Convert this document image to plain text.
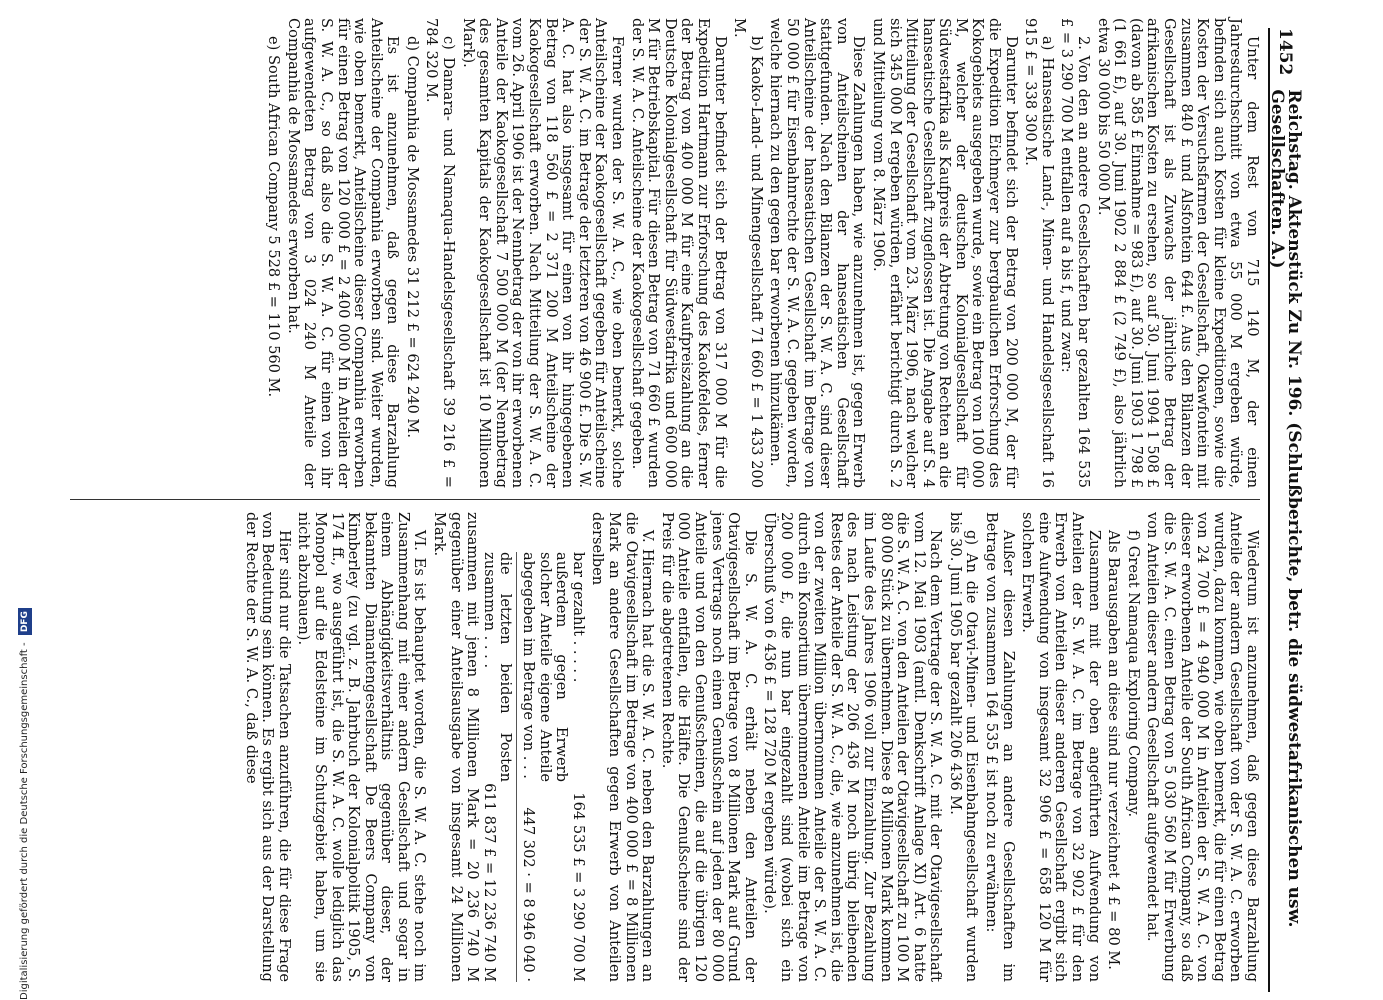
1452
Reichstag. Aktenstück Zu Nr. 196. (Schlußberichte, betr. die südwestafrikanischen usw. Gesellschaften. A.)

Unter dem Rest von 715 140 M, der einen Jahresdurchschnitt von etwa 55 000 M ergeben würde, befinden sich auch Kosten für kleine Expeditionen, sowie die Kosten der Versuchsfarmen der Gesellschaft, Okawfontein mit zusammen 840 £ und Alsfontein 644 £. Aus den Bilanzen der Gesellschaft ist als Zuwachs der jährliche Betrag der afrikanischen Kosten zu ersehen, so auf 30. Juni 1904 1 508 £ (davon ab 585 £ Einnahme = 983 £), auf 30. Juni 1903 1 798 £ (1 661 £), auf 30. Juni 1902 2 884 £ (2 749 £), also jährlich etwa 30 000 bis 50 000 M.

2. Von den an andere Gesellschaften bar gezahlten 164 535 £ = 3 290 700 M entfallen auf a bis f, und zwar:

a) Hanseatische Land-, Minen- und Handelsgesellschaft 16 915 £ = 338 300 M.

Darunter befindet sich der Betrag von 200 000 M, der für die Expedition Eichmeyer zur bergbaulichen Erforschung des Kokogebiets ausgegeben wurde, sowie ein Betrag von 100 000 M, welcher der deutschen Kolonialgesellschaft für Südwestafrika als Kaufpreis der Abtretung von Rechten an die hanseatische Gesellschaft zugeflossen ist. Die Angabe auf S. 4 Mitteilung der Gesellschaft vom 23. März 1906, nach welcher sich 345 000 M ergeben würden, erfährt berichtigt durch S. 2 und Mitteilung vom 8. März 1906.

Diese Zahlungen haben, wie anzunehmen ist, gegen Erwerb von Anteilscheinen der hanseatischen Gesellschaft stattgefunden. Nach den Bilanzen der S. W. A. C. sind dieser Anteilscheine der hanseatischen Gesellschaft im Betrage von 50 000 £ für Eisenbahnrechte der S. W. A. C. gegeben worden, welche hiernach zu den gegen bar erworbenen hinzukämen.

b) Kaoko-Land- und Minengesellschaft 71 660 £ = 1 433 200 M.

Darunter befindet sich der Betrag von 317 000 M für die Expedition Hartmann zur Erforschung des Kaokofeldes, ferner der Betrag von 400 000 M für eine Kaufpreiszahlung an die Deutsche Kolonialgesellschaft für Südwestafrika und 600 000 M für Betriebskapital. Für diesen Betrag von 71 660 £ wurden der S. W. A. C. Anteilscheine der Kaokogesellschaft gegeben.

Ferner wurden der S. W. A. C., wie oben bemerkt, solche Anteilscheine der Kaokogesellschaft gegeben für Anteilscheine der S. W. A. C. im Betrage der letzteren von 46 900 £. Die S. W. A. C. hat also insgesamt für einen von ihr hingegebenen Betrag von 118 560 £ = 2 371 200 M Anteilscheine der Kaokogesellschaft erworben. Nach Mitteilung der S. W. A. C. vom 26. April 1906 ist der Nennbetrag der von ihr erworbenen Anteile der Kaokogesellschaft 7 500 000 M (der Nennbetrag des gesamten Kapitals der Kaokogesellschaft ist 10 Millionen Mark).

c) Damara- und Namaqua-Handelsgesellschaft 39 216 £ = 784 320 M.

d) Companhia de Mossamedes 31 212 £ = 624 240 M.

Es ist anzunehmen, daß gegen diese Barzahlung Anteilscheine der Companhia erworben sind. Weiter wurden, wie oben bemerkt, Anteilscheine dieser Companhia erworben für einen Betrag von 120 000 £ = 2 400 000 M in Anteilen der S. W. A. C., so daß also die S. W. A. C. für einen von ihr aufgewendeten Betrag von 3 024 240 M Anteile der Companhia de Mossamedes erworben hat.

e) South African Company 5 528 £ = 110 560 M.

Wiederum ist anzunehmen, daß gegen diese Barzahlung Anteile der andern Gesellschaft von der S. W. A. C. erworben wurden, dazu kommen, wie oben bemerkt, die für einen Betrag von 24 700 £ = 4 940 000 M in Anteilen der S. W. A. C. von dieser erworbenen Anteile der South African Company, so daß die S. W. A. C. einen Betrag von 5 030 560 M für Erwerbung von Anteilen dieser andern Gesellschaft aufgewendet hat.

f) Great Namaqua Exploring Company.

Als Barausgaben an diese sind nur verzeichnet 4 £ = 80 M.

Zusammen mit der oben angeführten Aufwendung von Anteilen der S. W. A. C. im Betrage von 32 902 £ für den Erwerb von Anteilen dieser anderen Gesellschaft ergibt sich eine Aufwendung von insgesamt 32 906 £ = 658 120 M für solchen Erwerb.

Außer diesen Zahlungen an andere Gesellschaften im Betrage von zusammen 164 535 £ ist noch zu erwähnen:

g) An die Otavi-Minen- und Eisenbahngesellschaft wurden bis 30. Juni 1905 bar gezahlt 206 436 M.

Nach dem Vertrage der S. W. A. C. mit der Otavigesellschaft vom 12. Mai 1903 (amtl. Denkschrift Anlage XI) Art. 6 hatte die S. W. A. C. von den Anteilen der Otavigesellschaft zu 100 M 80 000 Stück zu übernehmen. Diese 8 Millionen Mark kommen im Laufe des Jahres 1906 voll zur Einzahlung. Zur Bezahlung des nach Leistung der 206 436 M noch übrig bleibenden Restes der Anteile der S. W. A. C., die, wie anzunehmen ist, die von der zweiten Million übernommen Anteile der S. W. A. C. durch ein Konsortium übernommenen Anteile im Betrage von 200 000 £, die nun bar eingezahlt sind (wobei sich ein Überschuß von 6 436 £ = 128 720 M ergeben würde).

Die S. W. A. C. erhält neben den Anteilen der Otavigesellschaft im Betrage von 8 Millionen Mark auf Grund jenes Vertrags noch einen Genußschein auf jeden der 80 000 Anteile und von den Genußscheinen, die auf die übrigen 120 000 Anteile entfallen, die Hälfte. Die Genußscheine sind der Preis für die abgetretenen Rechte.

V. Hiernach hat die S. W. A. C. neben den Barzahlungen an die Otavigesellschaft im Betrage von 400 000 £ = 8 Millionen Mark an andere Gesellschaften gegen Erwerb von Anteilen derselben

bar gezahlt . . . . .
164 535 £ = 3 290 700 M
außerdem gegen Erwerb solcher Anteile eigene Anteile abgegeben im Betrage von . . .
447 302 · = 8 946 040 ·
die letzten beiden Posten zusammen . . . .
611 837 £ = 12 236 740 M

zusammen mit jenen 8 Millionen Mark = 20 236 740 M gegenüber einer Anteilsausgabe von insgesamt 24 Millionen Mark.

VI. Es ist behauptet worden, die S. W. A. C. stehe noch im Zusammenhang mit einer andern Gesellschaft und sogar in einem Abhängigkeitsverhältnis gegenüber dieser, der bekannten Diamantengesellschaft De Beers Company von Kimberley (zu vgl. z. B. Jahrbuch der Kolonialpolitik 1905, S. 174 ff., wo ausgeführt ist, die S. W. A. C. wolle lediglich das Monopol auf die Edelsteine im Schutzgebiet haben, um sie nicht abzubauen).

Hier sind nur die Tatsachen anzuführen, die für diese Frage von Bedeutung sein können. Es ergibt sich aus der Darstellung der Rechte der S. W. A. C., daß diese

Digitalisierung gefördert durch die Deutsche Forschungsgemeinschaft - DFG
